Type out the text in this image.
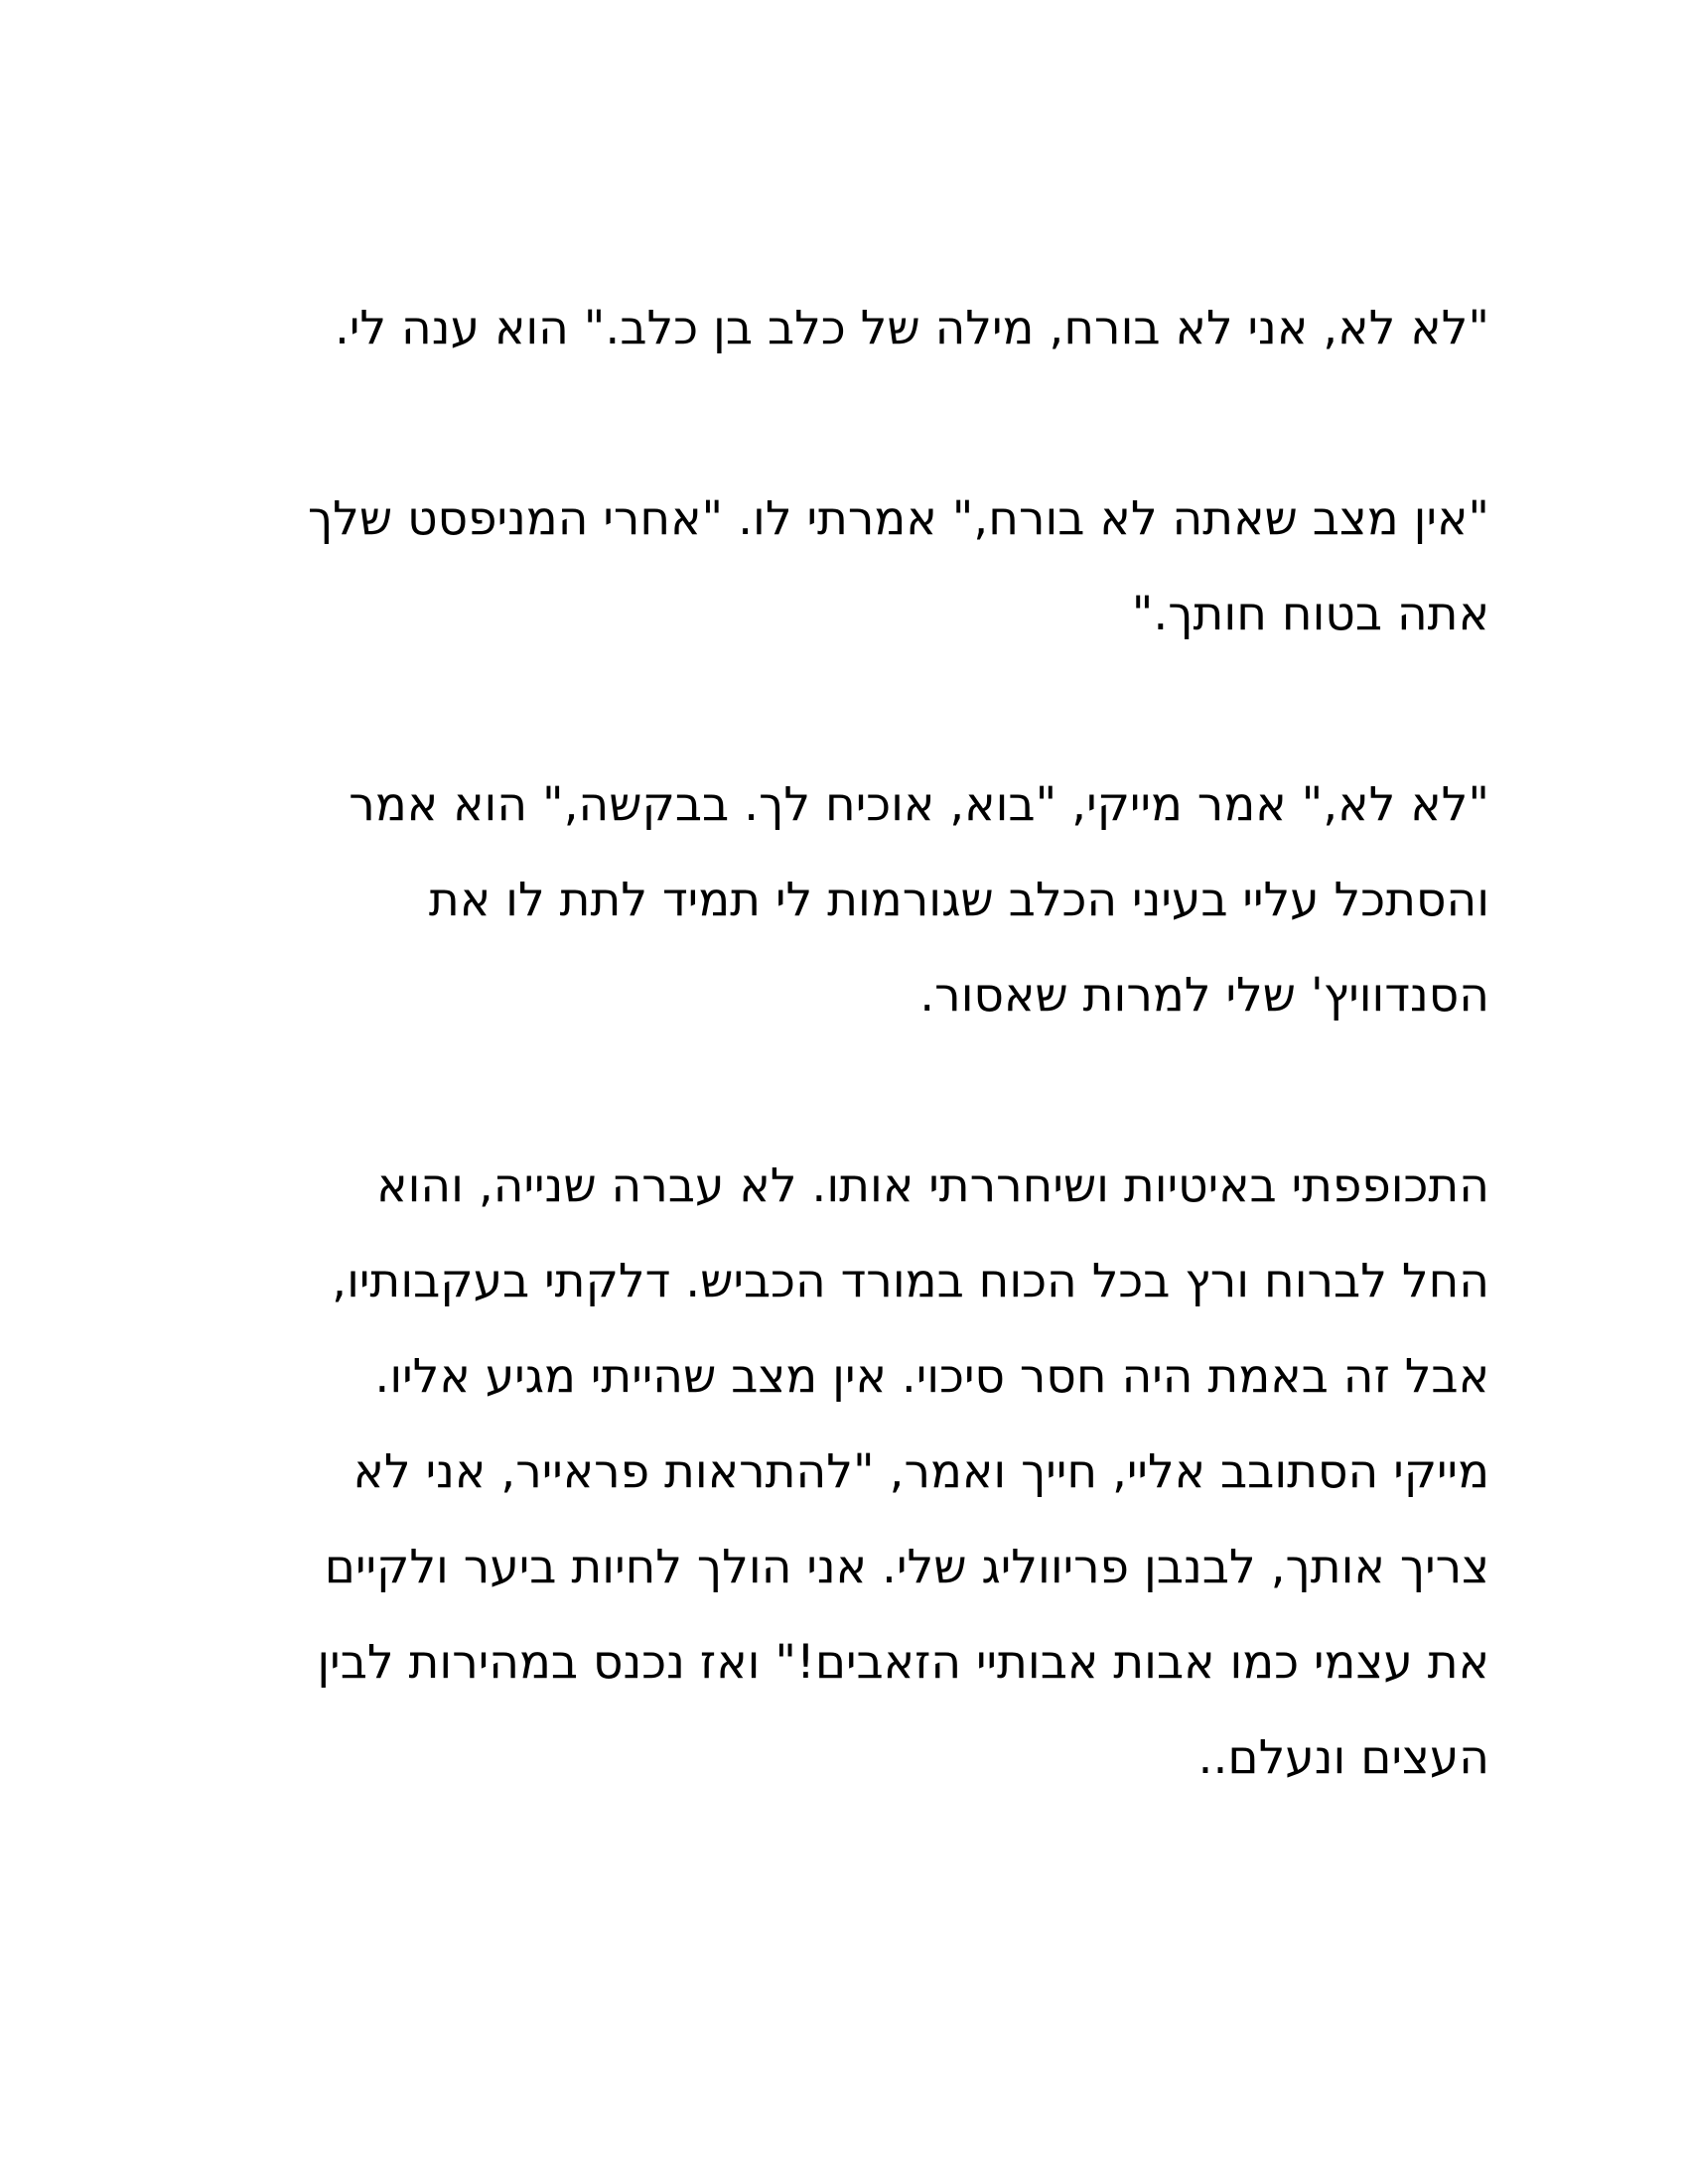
"לא לא, אני לא בורח, מילה של כלב בן כלב." הוא ענה לי.
"אין מצב שאתה לא בורח," אמרתי לו. "אחרי המניפסט שלך
אתה בטוח חותך."
"לא לא," אמר מייקי, "בוא, אוכיח לך. בבקשה," הוא אמר
והסתכל עליי בעיני הכלב שגורמות לי תמיד לתת לו את
הסנדוויץ' שלי למרות שאסור.
התכופפתי באיטיות ושיחררתי אותו. לא עברה שנייה, והוא
החל לברוח ורץ בכל הכוח במורד הכביש. דלקתי בעקבותיו,
אבל זה באמת היה חסר סיכוי. אין מצב שהייתי מגיע אליו.
מייקי הסתובב אליי, חייך ואמר, "להתראות פראייר, אני לא
צריך אותך, לבנבן פריווליג שלי. אני הולך לחיות ביער ולקיים
את עצמי כמו אבות אבותיי הזאבים!" ואז נכנס במהירות לבין
העצים ונעלם..
